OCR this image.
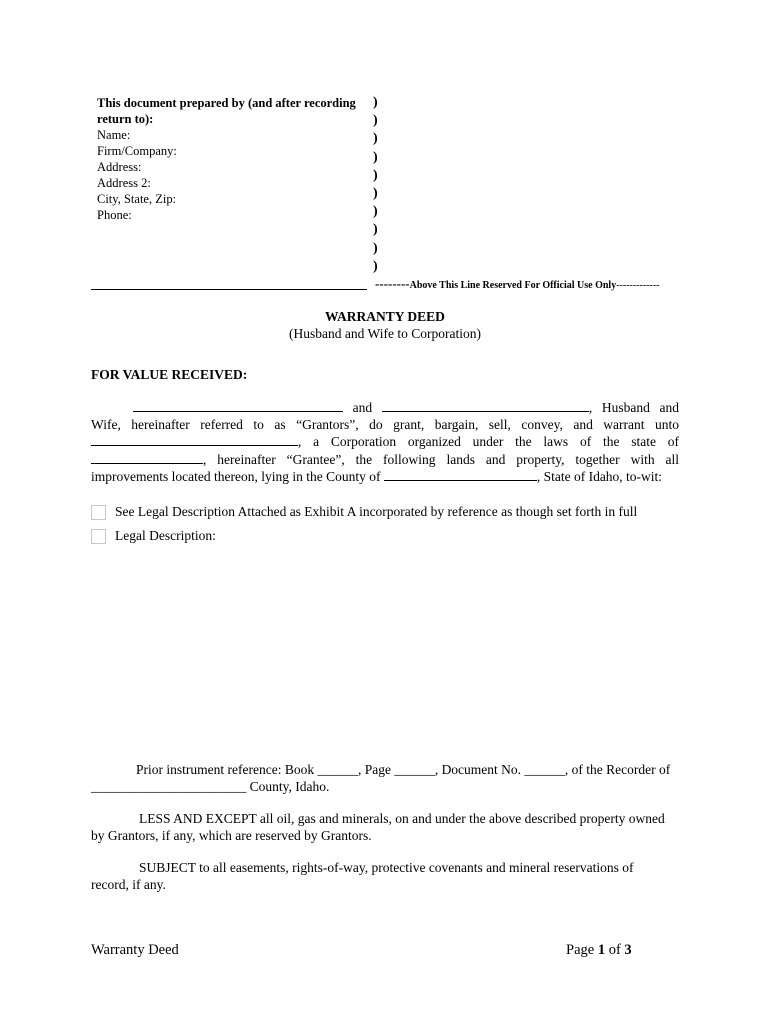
This document prepared by (and after recording
return to):
Name:
Firm/Company:
Address:
Address 2:
City, State, Zip:
Phone:
)
)
)
)
)
)
)
)
)
)
--------Above This Line Reserved For Official Use Only-------------
WARRANTY DEED
(Husband and Wife to Corporation)
FOR VALUE RECEIVED:
and	, Husband and
Wife, hereinafter referred to as “Grantors”, do grant, bargain, sell, convey, and warrant unto
, a Corporation organized under the laws of the state of
, hereinafter “Grantee”, the following lands and property, together with all
improvements located thereon, lying in the County of	, State of Idaho, to-wit:
See Legal Description Attached as Exhibit A incorporated by reference as though set forth in full
Legal Description:
Prior instrument reference: Book ______, Page ______, Document No. ______, of the Recorder of
_______________________ County, Idaho.
LESS AND EXCEPT all oil, gas and minerals, on and under the above described property owned
by Grantors, if any, which are reserved by Grantors.
SUBJECT to all easements, rights-of-way, protective covenants and mineral reservations of
record, if any.
Warranty Deed	Page 1 of 3
